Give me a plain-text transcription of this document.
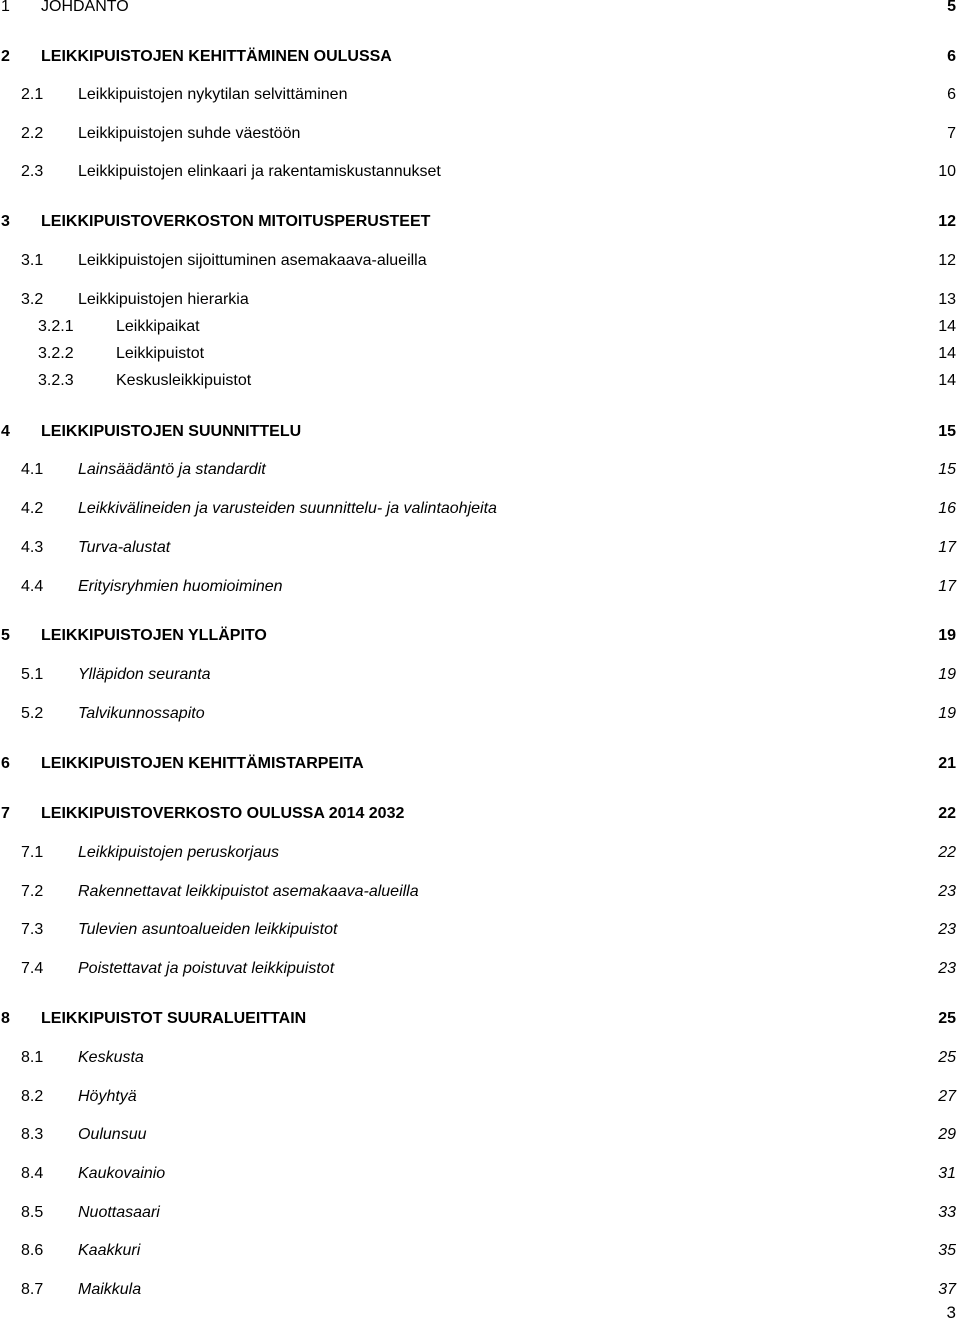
1 JOHDANTO	5
2 LEIKKIPUISTOJEN KEHITTÄMINEN OULUSSA	6
2.1 Leikkipuistojen nykytilan selvittäminen	6
2.2 Leikkipuistojen suhde väestöön	7
2.3 Leikkipuistojen elinkaari ja rakentamiskustannukset	10
3 LEIKKIPUISTOVERKOSTON MITOITUSPERUSTEET	12
3.1 Leikkipuistojen sijoittuminen asemakaava-alueilla	12
3.2 Leikkipuistojen hierarkia	13
3.2.1	Leikkipaikat	14
3.2.2	Leikkipuistot	14
3.2.3	Keskusleikkipuistot	14
4 LEIKKIPUISTOJEN SUUNNITTELU	15
4.1 Lainsäädäntö ja standardit	15
4.2 Leikkivälineiden ja varusteiden suunnittelu- ja valintaohjeita	16
4.3 Turva-alustat	17
4.4 Erityisryhmien huomioiminen	17
5 LEIKKIPUISTOJEN YLLÄPITO	19
5.1 Ylläpidon seuranta	19
5.2 Talvikunnossapito	19
6 LEIKKIPUISTOJEN KEHITTÄMISTARPEITA	21
7 LEIKKIPUISTOVERKOSTO OULUSSA 2014 2032	22
7.1 Leikkipuistojen peruskorjaus	22
7.2 Rakennettavat leikkipuistot asemakaava-alueilla	23
7.3 Tulevien asuntoalueiden leikkipuistot	23
7.4 Poistettavat ja poistuvat leikkipuistot	23
8 LEIKKIPUISTOT SUURALUEITTAIN	25
8.1 Keskusta	25
8.2 Höyhtyä	27
8.3 Oulunsuu	29
8.4 Kaukovainio	31
8.5 Nuottasaari	33
8.6 Kaakkuri	35
8.7 Maikkula	37
3
